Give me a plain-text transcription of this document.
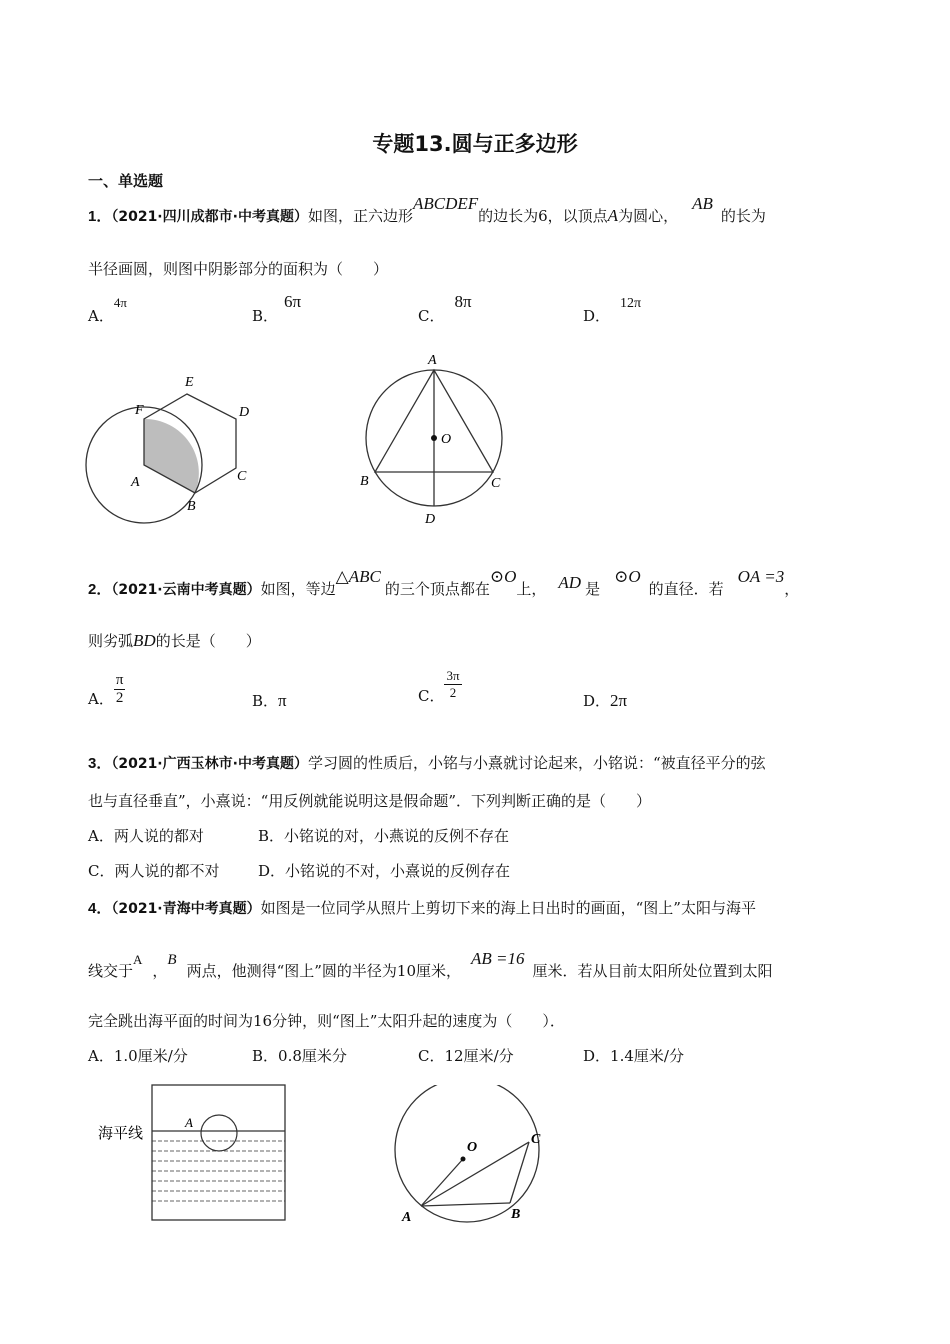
专题13.圆与正多边形
一、单选题
1．（2021·四川成都市·中考真题）如图，正六边形ABCDEF的边长为6，以顶点A为圆心，AB的长为
半径画圆，则图中阴影部分的面积为（　　）
A．4π
B．6π
C．8π
D．12π
E
F	D
A	C
B
A
O
B	C
D
2．（2021·云南中考真题）如图，等边△ABC的三个顶点都在⊙O上， AD 是⊙O的直径．若OA =3，
则劣弧BD的长是（　　）
A． $\frac{\pi}{2}$	B．π	C． $\frac{3\pi}{2}$	D．2π
3．（2021·广西玉林市·中考真题）学习圆的性质后，小铭与小熹就讨论起来，小铭说：“被直径平分的弦
也与直径垂直”，小熹说：“用反例就能说明这是假命题”．下列判断正确的是（　　）
A．两人说的都对	B．小铭说的对，小燕说的反例不存在
C．两人说的都不对	D．小铭说的不对，小熹说的反例存在
4．（2021·青海中考真题）如图是一位同学从照片上剪切下来的海上日出时的画面，“图上”太阳与海平
线交于A，B两点，他测得“图上”圆的半径为10厘米，AB =16厘米．若从目前太阳所处位置到太阳
完全跳出海平面的时间为16分钟，则“图上”太阳升起的速度为（　　）．
A．1.0厘米/分	B．0.8厘米分	C．12厘米/分	D．1.4厘米/分
A
海平线
O
C
A	B
